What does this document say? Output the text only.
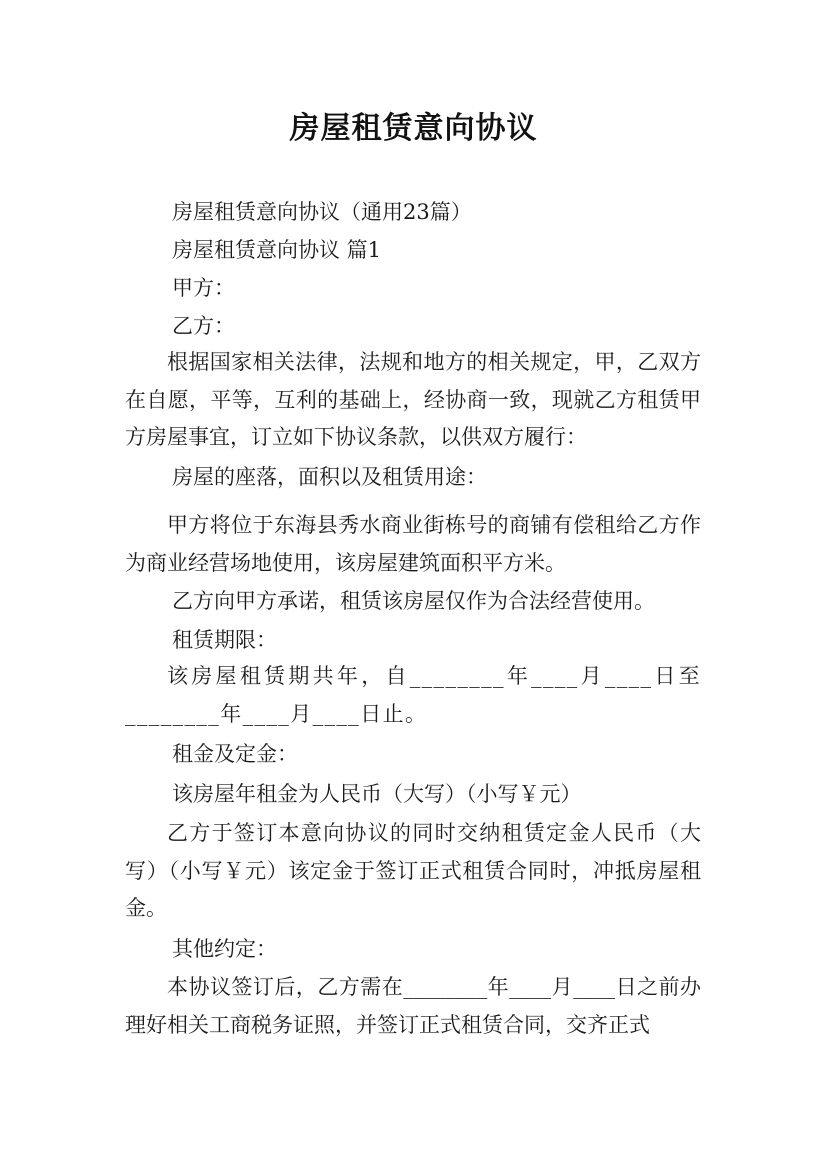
房屋租赁意向协议
房屋租赁意向协议（通用23篇）
房屋租赁意向协议 篇1
甲方：
乙方：
根据国家相关法律，法规和地方的相关规定，甲，乙双方在自愿，平等，互利的基础上，经协商一致，现就乙方租赁甲方房屋事宜，订立如下协议条款，以供双方履行：
房屋的座落，面积以及租赁用途：
甲方将位于东海县秀水商业街栋号的商铺有偿租给乙方作为商业经营场地使用，该房屋建筑面积平方米。
乙方向甲方承诺，租赁该房屋仅作为合法经营使用。
租赁期限：
该房屋租赁期共年，自________年____月____日至________年____月____日止。
租金及定金：
该房屋年租金为人民币（大写）（小写￥元）
乙方于签订本意向协议的同时交纳租赁定金人民币（大写）（小写￥元）该定金于签订正式租赁合同时，冲抵房屋租金。
其他约定：
本协议签订后，乙方需在________年____月____日之前办理好相关工商税务证照，并签订正式租赁合同，交齐正式
